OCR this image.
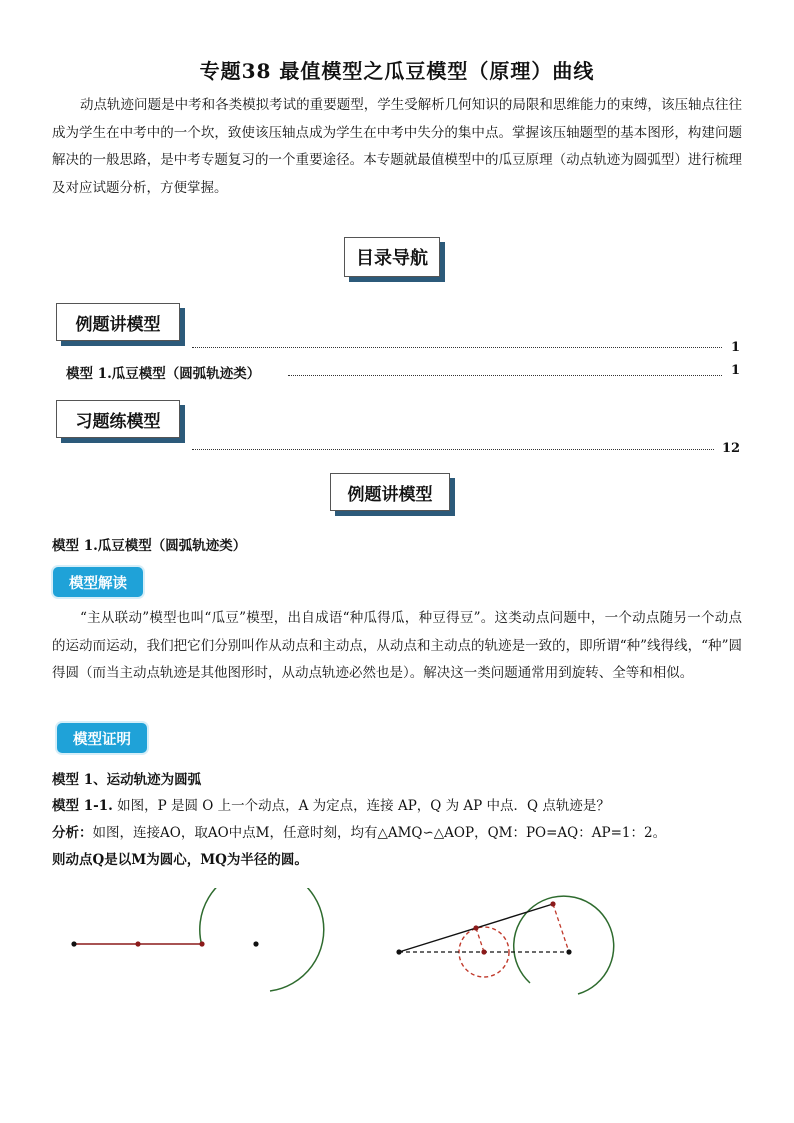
专题38 最值模型之瓜豆模型（原理）曲线
动点轨迹问题是中考和各类模拟考试的重要题型，学生受解析几何知识的局限和思维能力的束缚，该压轴点往往成为学生在中考中的一个坎，致使该压轴点成为学生在中考中失分的集中点。掌握该压轴题型的基本图形，构建问题解决的一般思路，是中考专题复习的一个重要途径。本专题就最值模型中的瓜豆原理（动点轨迹为圆弧型）进行梳理及对应试题分析，方便掌握。
目录导航
例题讲模型
1
模型 1.瓜豆模型（圆弧轨迹类）	1
习题练模型
12
例题讲模型
模型 1.瓜豆模型（圆弧轨迹类）
模型解读
“主从联动”模型也叫“瓜豆”模型，出自成语“种瓜得瓜，种豆得豆”。这类动点问题中，一个动点随另一个动点的运动而运动，我们把它们分别叫作从动点和主动点，从动点和主动点的轨迹是一致的，即所谓“种”线得线，“种”圆得圆（而当主动点轨迹是其他图形时，从动点轨迹必然也是）。解决这一类问题通常用到旋转、全等和相似。
模型证明
模型 1、运动轨迹为圆弧
模型 1-1. 如图，P 是圆 O 上一个动点，A 为定点，连接 AP，Q 为 AP 中点．Q 点轨迹是？
分析：如图，连接AO，取AO中点M，任意时刻，均有△AMQ∽△AOP，QM：PO=AQ：AP=1：2。
则动点Q是以M为圆心，MQ为半径的圆。
